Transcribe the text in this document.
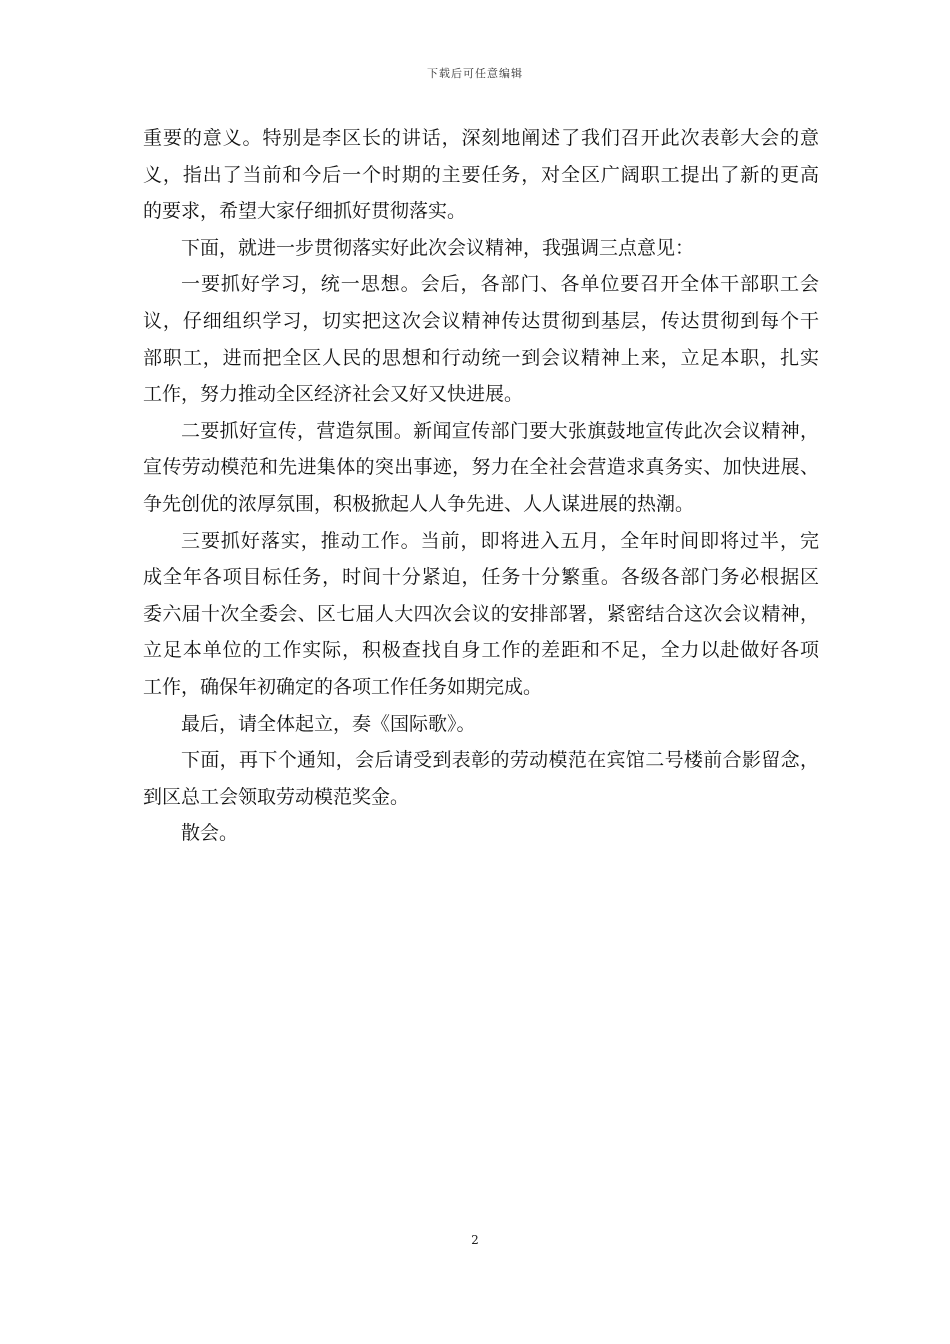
下载后可任意编辑
重要的意义。特别是李区长的讲话，深刻地阐述了我们召开此次表彰大会的意
义，指出了当前和今后一个时期的主要任务，对全区广阔职工提出了新的更高
的要求，希望大家仔细抓好贯彻落实。
下面，就进一步贯彻落实好此次会议精神，我强调三点意见：
一要抓好学习，统一思想。会后，各部门、各单位要召开全体干部职工会
议，仔细组织学习，切实把这次会议精神传达贯彻到基层，传达贯彻到每个干
部职工，进而把全区人民的思想和行动统一到会议精神上来，立足本职，扎实
工作，努力推动全区经济社会又好又快进展。
二要抓好宣传，营造氛围。新闻宣传部门要大张旗鼓地宣传此次会议精神，
宣传劳动模范和先进集体的突出事迹，努力在全社会营造求真务实、加快进展、
争先创优的浓厚氛围，积极掀起人人争先进、人人谋进展的热潮。
三要抓好落实，推动工作。当前，即将进入五月，全年时间即将过半，完
成全年各项目标任务，时间十分紧迫，任务十分繁重。各级各部门务必根据区
委六届十次全委会、区七届人大四次会议的安排部署，紧密结合这次会议精神，
立足本单位的工作实际，积极查找自身工作的差距和不足，全力以赴做好各项
工作，确保年初确定的各项工作任务如期完成。
最后，请全体起立，奏《国际歌》。
下面，再下个通知，会后请受到表彰的劳动模范在宾馆二号楼前合影留念，
到区总工会领取劳动模范奖金。
散会。
2
